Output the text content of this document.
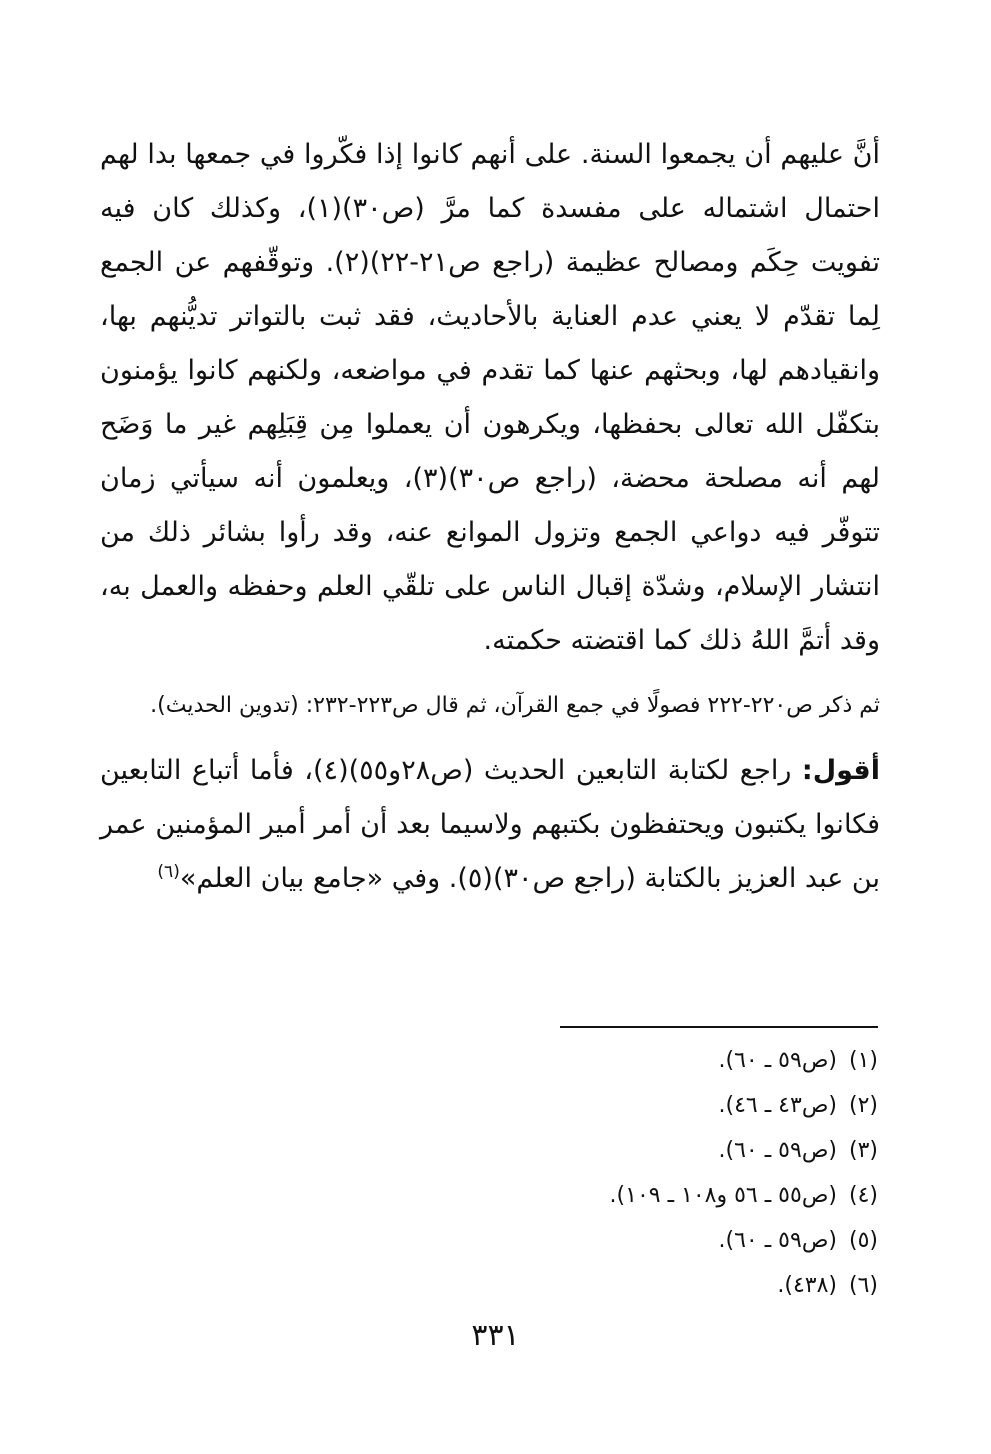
أنَّ عليهم أن يجمعوا السنة. على أنهم كانوا إذا فكّروا في جمعها بدا لهم احتمال اشتماله على مفسدة كما مرَّ (ص٣٠)(١)، وكذلك كان فيه تفويت حِكَم ومصالح عظيمة (راجع ص٢١-٢٢)(٢). وتوقّفهم عن الجمع لِما تقدّم لا يعني عدم العناية بالأحاديث، فقد ثبت بالتواتر تديُّنهم بها، وانقيادهم لها، وبحثهم عنها كما تقدم في مواضعه، ولكنهم كانوا يؤمنون بتكفّل الله تعالى بحفظها، ويكرهون أن يعملوا مِن قِبَلِهم غير ما وَضَح لهم أنه مصلحة محضة، (راجع ص٣٠)(٣)، ويعلمون أنه سيأتي زمان تتوفّر فيه دواعي الجمع وتزول الموانع عنه، وقد رأوا بشائر ذلك من انتشار الإسلام، وشدّة إقبال الناس على تلقّي العلم وحفظه والعمل به، وقد أتمَّ اللهُ ذلك كما اقتضته حكمته.

ثم ذكر ص٢٢٠-٢٢٢ فصولًا في جمع القرآن، ثم قال ص٢٢٣-٢٣٢: (تدوين الحديث).

أقول: راجع لكتابة التابعين الحديث (ص٢٨و٥٥)(٤)، فأما أتباع التابعين فكانوا يكتبون ويحتفظون بكتبهم ولاسيما بعد أن أمر أمير المؤمنين عمر بن عبد العزيز بالكتابة (راجع ص٣٠)(٥). وفي «جامع بيان العلم»$^{(٦)}$

(١) (ص٥٩ ـ ٦٠).
(٢) (ص٤٣ ـ ٤٦).
(٣) (ص٥٩ ـ ٦٠).
(٤) (ص٥٥ ـ ٥٦ و١٠٨ ـ ١٠٩).
(٥) (ص٥٩ ـ ٦٠).
(٦) (٤٣٨).
٣٣١
